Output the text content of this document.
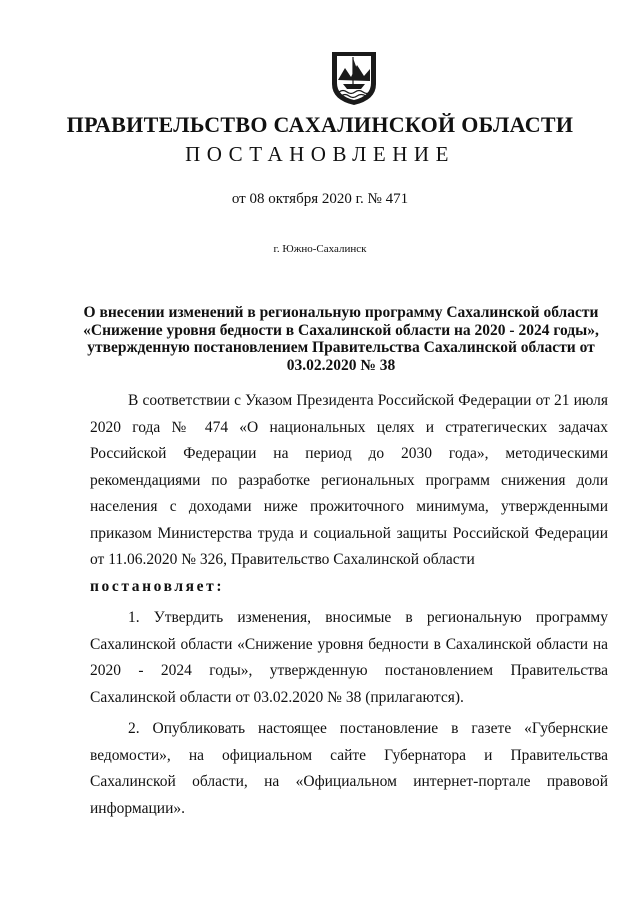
ПРАВИТЕЛЬСТВО САХАЛИНСКОЙ ОБЛАСТИ
ПОСТАНОВЛЕНИЕ
от 08 октября 2020 г. № 471
г. Южно-Сахалинск
О внесении изменений в региональную программу Сахалинской области «Снижение уровня бедности в Сахалинской области на 2020 - 2024 годы», утвержденную постановлением Правительства Сахалинской области от 03.02.2020 № 38

В соответствии с Указом Президента Российской Федерации от 21 июля 2020 года № 474 «О национальных целях и стратегических задачах Российской Федерации на период до 2030 года», методическими рекомендациями по разработке региональных программ снижения доли населения с доходами ниже прожиточного минимума, утвержденными приказом Министерства труда и социальной защиты Российской Федерации от 11.06.2020 № 326, Правительство Сахалинской области

постановляет:

1. Утвердить изменения, вносимые в региональную программу Сахалинской области «Снижение уровня бедности в Сахалинской области на 2020 - 2024 годы», утвержденную постановлением Правительства Сахалинской области от 03.02.2020 № 38 (прилагаются).

2. Опубликовать настоящее постановление в газете «Губернские ведомости», на официальном сайте Губернатора и Правительства Сахалинской области, на «Официальном интернет-портале правовой информации».
